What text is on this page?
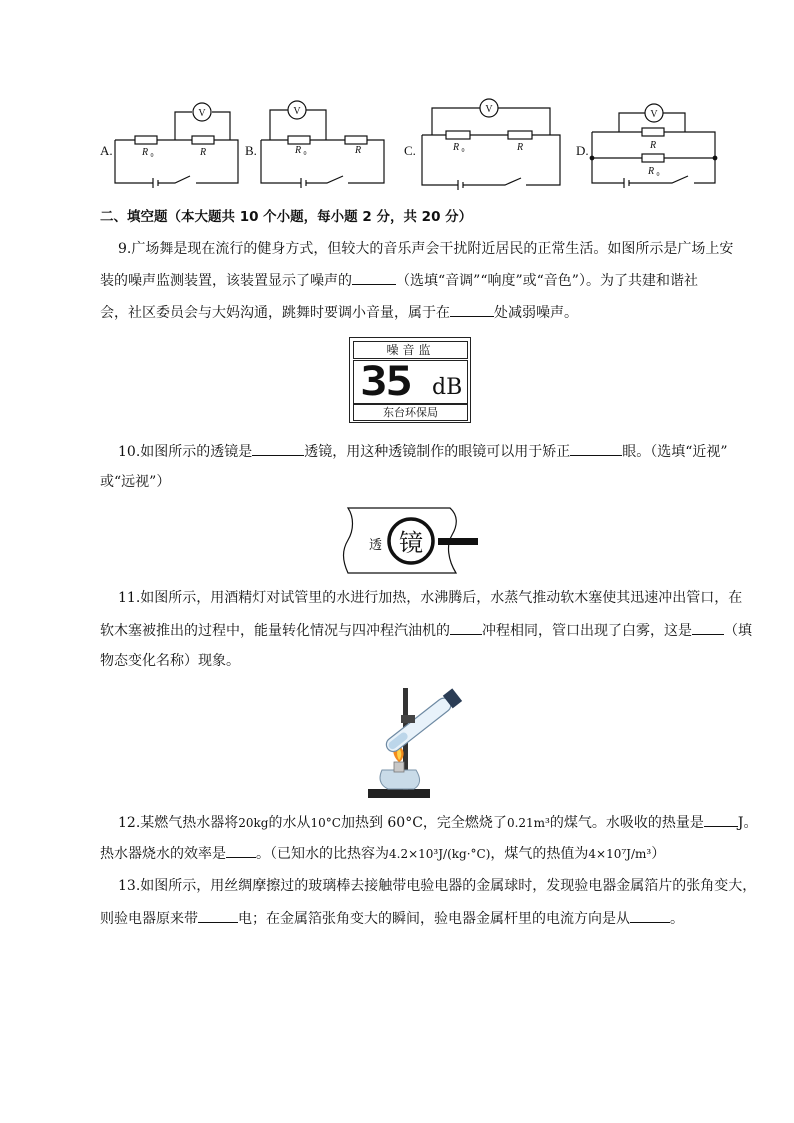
A.	B.	C.	D.
V	V	V	V
R 0	R	R 0	R	R 0	R	R
R 0
二、填空题（本大题共 10 个小题，每小题 2 分，共 20 分）
9.广场舞是现在流行的健身方式，但较大的音乐声会干扰附近居民的正常生活。如图所示是广场上安
装的噪声监测装置，该装置显示了噪声的	（选填“音调”“响度”或“音色”）。为了共建和谐社
会，社区委员会与大妈沟通，跳舞时要调小音量，属于在	处减弱噪声。
噪音监
35 dB
东台环保局
10.如图所示的透镜是	透镜，用这种透镜制作的眼镜可以用于矫正	眼。（选填“近视”
或“远视”）
透 镜
11.如图所示，用酒精灯对试管里的水进行加热，水沸腾后，水蒸气推动软木塞使其迅速冲出管口，在
软木塞被推出的过程中，能量转化情况与四冲程汽油机的 冲程相同，管口出现了白雾，这是 （填
物态变化名称）现象。
12.某燃气热水器将20kg的水从10°C加热到 60°C，完全燃烧了0.21m³的煤气。水吸收的热量是 J。
热水器烧水的效率是 。（已知水的比热容为4.2×10³J/(kg·°C)，煤气的热值为4×10⁷J/m³）
13.如图所示，用丝绸摩擦过的玻璃棒去接触带电验电器的金属球时，发现验电器金属箔片的张角变大，
则验电器原来带	电；在金属箔张角变大的瞬间，验电器金属杆里的电流方向是从	。
